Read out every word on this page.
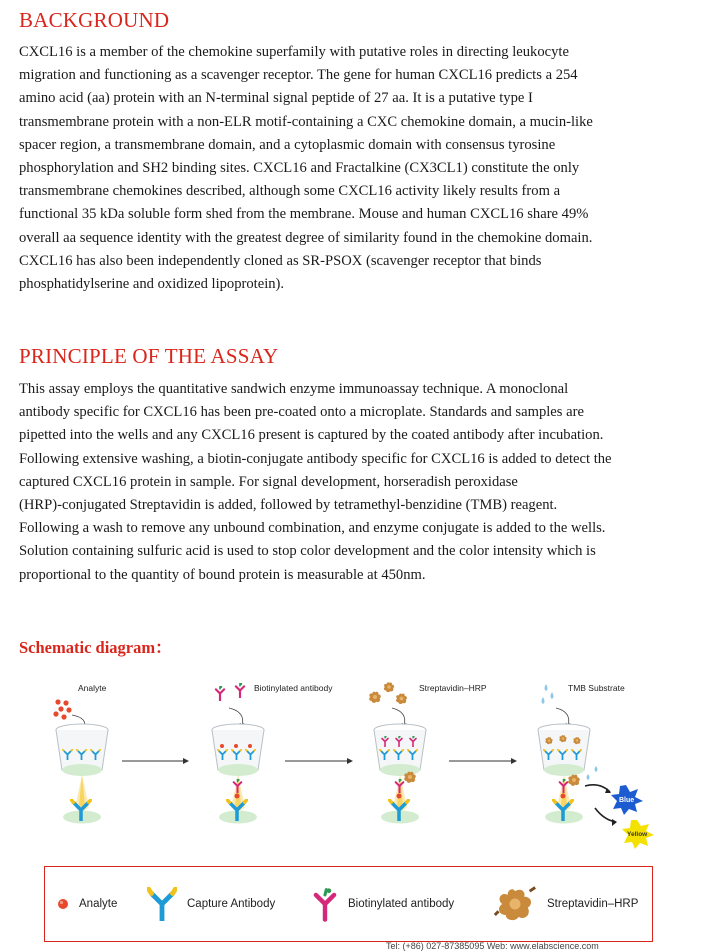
BACKGROUND
CXCL16 is a member of the chemokine superfamily with putative roles in directing leukocyte
migration and functioning as a scavenger receptor. The gene for human CXCL16 predicts a 254
amino acid (aa) protein with an N-terminal signal peptide of 27 aa. It is a putative type I
transmembrane protein with a non-ELR motif-containing a CXC chemokine domain, a mucin-like
spacer region, a transmembrane domain, and a cytoplasmic domain with consensus tyrosine
phosphorylation and SH2 binding sites. CXCL16 and Fractalkine (CX3CL1) constitute the only
transmembrane chemokines described, although some CXCL16 activity likely results from a
functional 35 kDa soluble form shed from the membrane. Mouse and human CXCL16 share 49%
overall aa sequence identity with the greatest degree of similarity found in the chemokine domain.
CXCL16 has also been independently cloned as SR-PSOX (scavenger receptor that binds
phosphatidylserine and oxidized lipoprotein).
PRINCIPLE OF THE ASSAY
This assay employs the quantitative sandwich enzyme immunoassay technique. A monoclonal
antibody specific for CXCL16 has been pre-coated onto a microplate. Standards and samples are
pipetted into the wells and any CXCL16 present is captured by the coated antibody after incubation.
Following extensive washing, a biotin-conjugate antibody specific for CXCL16 is added to detect the
captured CXCL16 protein in sample. For signal development, horseradish peroxidase
(HRP)-conjugated Streptavidin is added, followed by tetramethyl-benzidine (TMB) reagent.
Following a wash to remove any unbound combination, and enzyme conjugate is added to the wells.
Solution containing sulfuric acid is used to stop color development and the color intensity which is
proportional to the quantity of bound protein is measurable at 450nm.
Schematic diagram：
Analyte	Biotinylated antibody	Streptavidin–HRP	TMB Substrate
Blue
Yellow
Analyte	Capture Antibody	Biotinylated antibody	Streptavidin–HRP
Tel: (+86) 027-87385095 Web: www.elabscience.com
